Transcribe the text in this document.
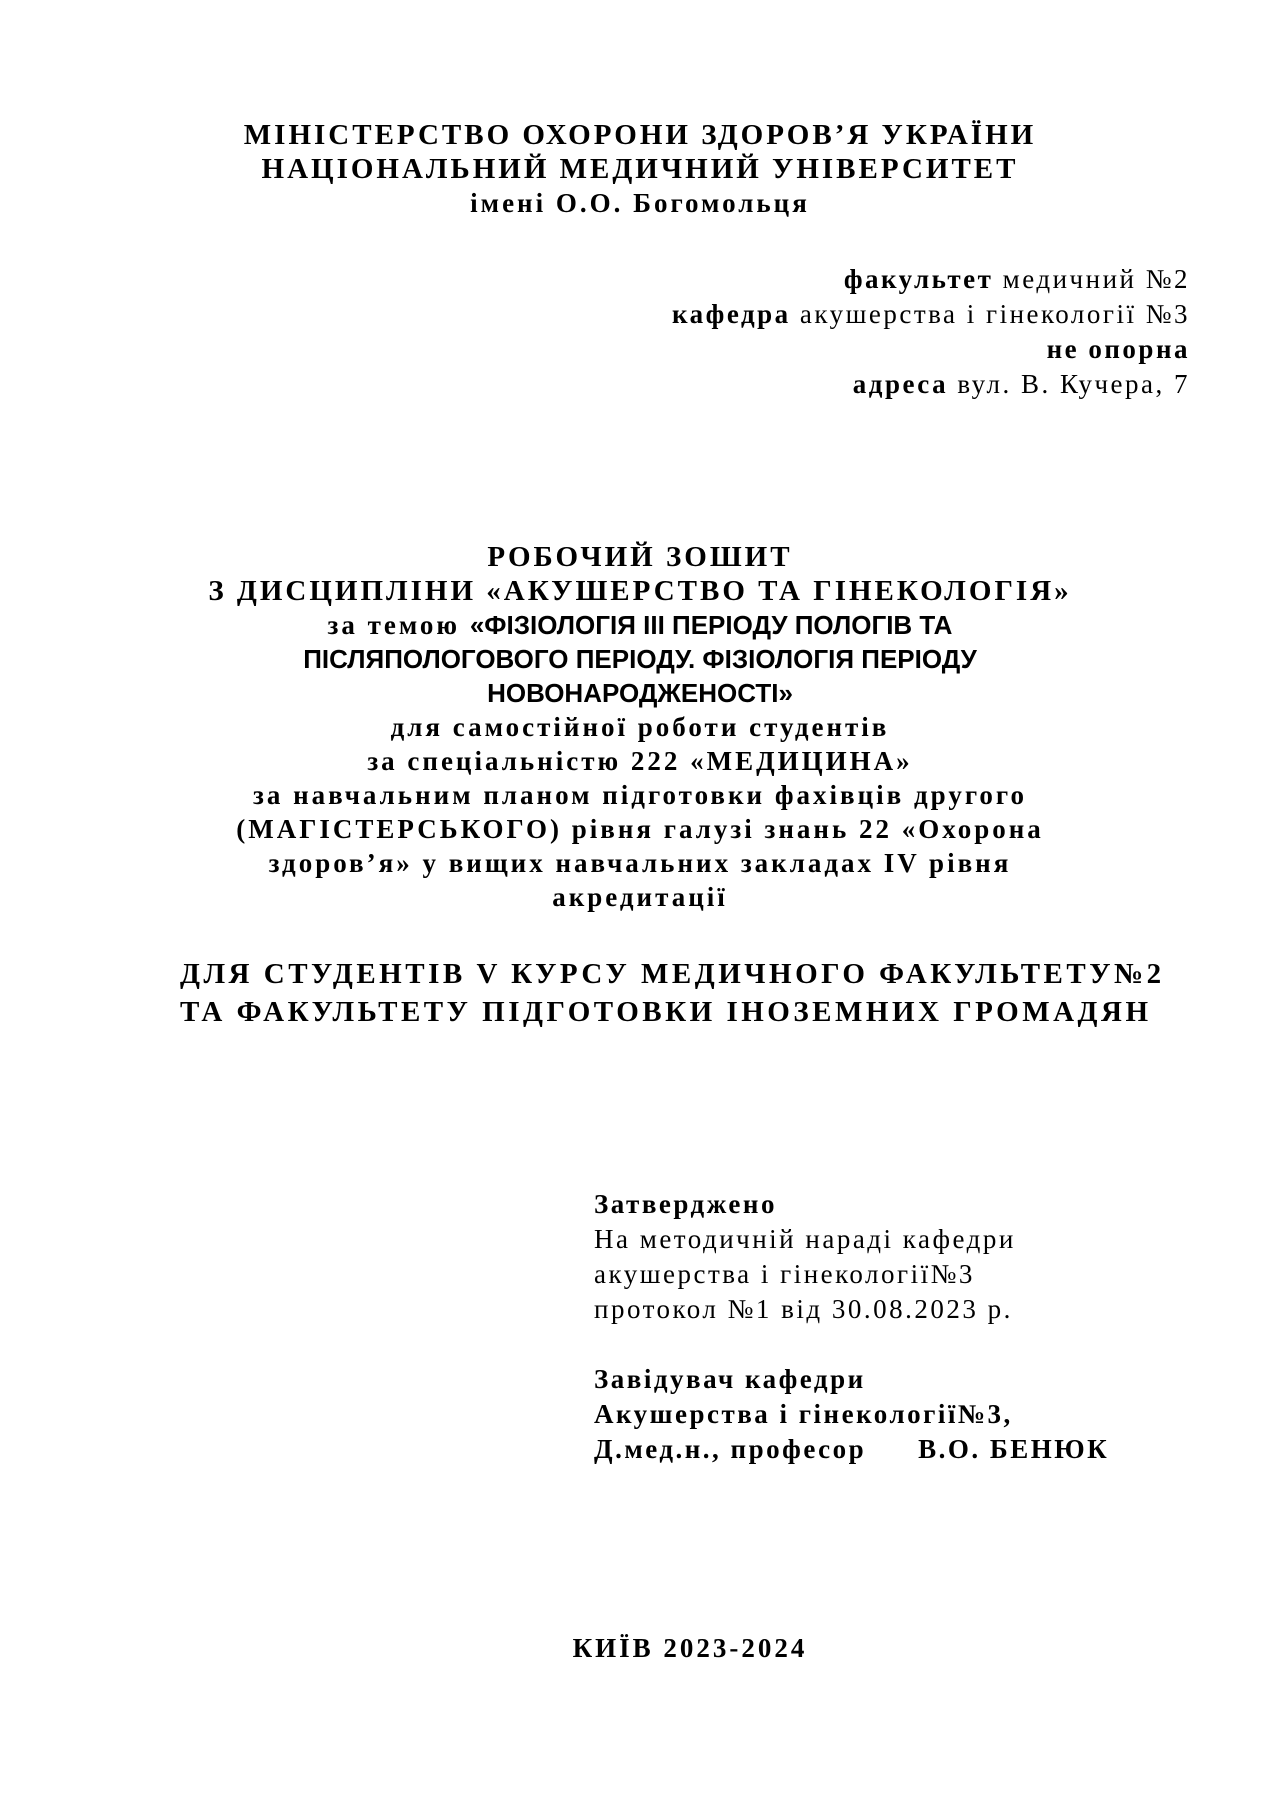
МІНІСТЕРСТВО ОХОРОНИ ЗДОРОВ’Я УКРАЇНИ
НАЦІОНАЛЬНИЙ МЕДИЧНИЙ УНІВЕРСИТЕТ
імені О.О. Богомольця
факультет медичний №2
кафедра акушерства і гінекології №3
не опорна
адреса вул. В. Кучера, 7
РОБОЧИЙ ЗОШИТ
З ДИСЦИПЛІНИ «АКУШЕРСТВО ТА ГІНЕКОЛОГІЯ»
за темою «ФІЗІОЛОГІЯ ІІІ ПЕРІОДУ ПОЛОГІВ ТА
ПІСЛЯПОЛОГОВОГО ПЕРІОДУ. ФІЗІОЛОГІЯ ПЕРІОДУ
НОВОНАРОДЖЕНОСТІ»
для самостійної роботи студентів
за спеціальністю 222 «МЕДИЦИНА»
за навчальним планом підготовки фахівців другого
(МАГІСТЕРСЬКОГО) рівня галузі знань 22 «Охорона
здоров’я» у вищих навчальних закладах ІV рівня
акредитації
ДЛЯ СТУДЕНТІВ V КУРСУ МЕДИЧНОГО ФАКУЛЬТЕТУ№2
ТА ФАКУЛЬТЕТУ ПІДГОТОВКИ ІНОЗЕМНИХ ГРОМАДЯН
Затверджено
На методичній нараді кафедри
акушерства і гінекології№3
протокол №1 від 30.08.2023 р.
Завідувач кафедри
Акушерства і гінекології№3,
Д.мед.н., професор В.О. БЕНЮК
КИЇВ 2023-2024
